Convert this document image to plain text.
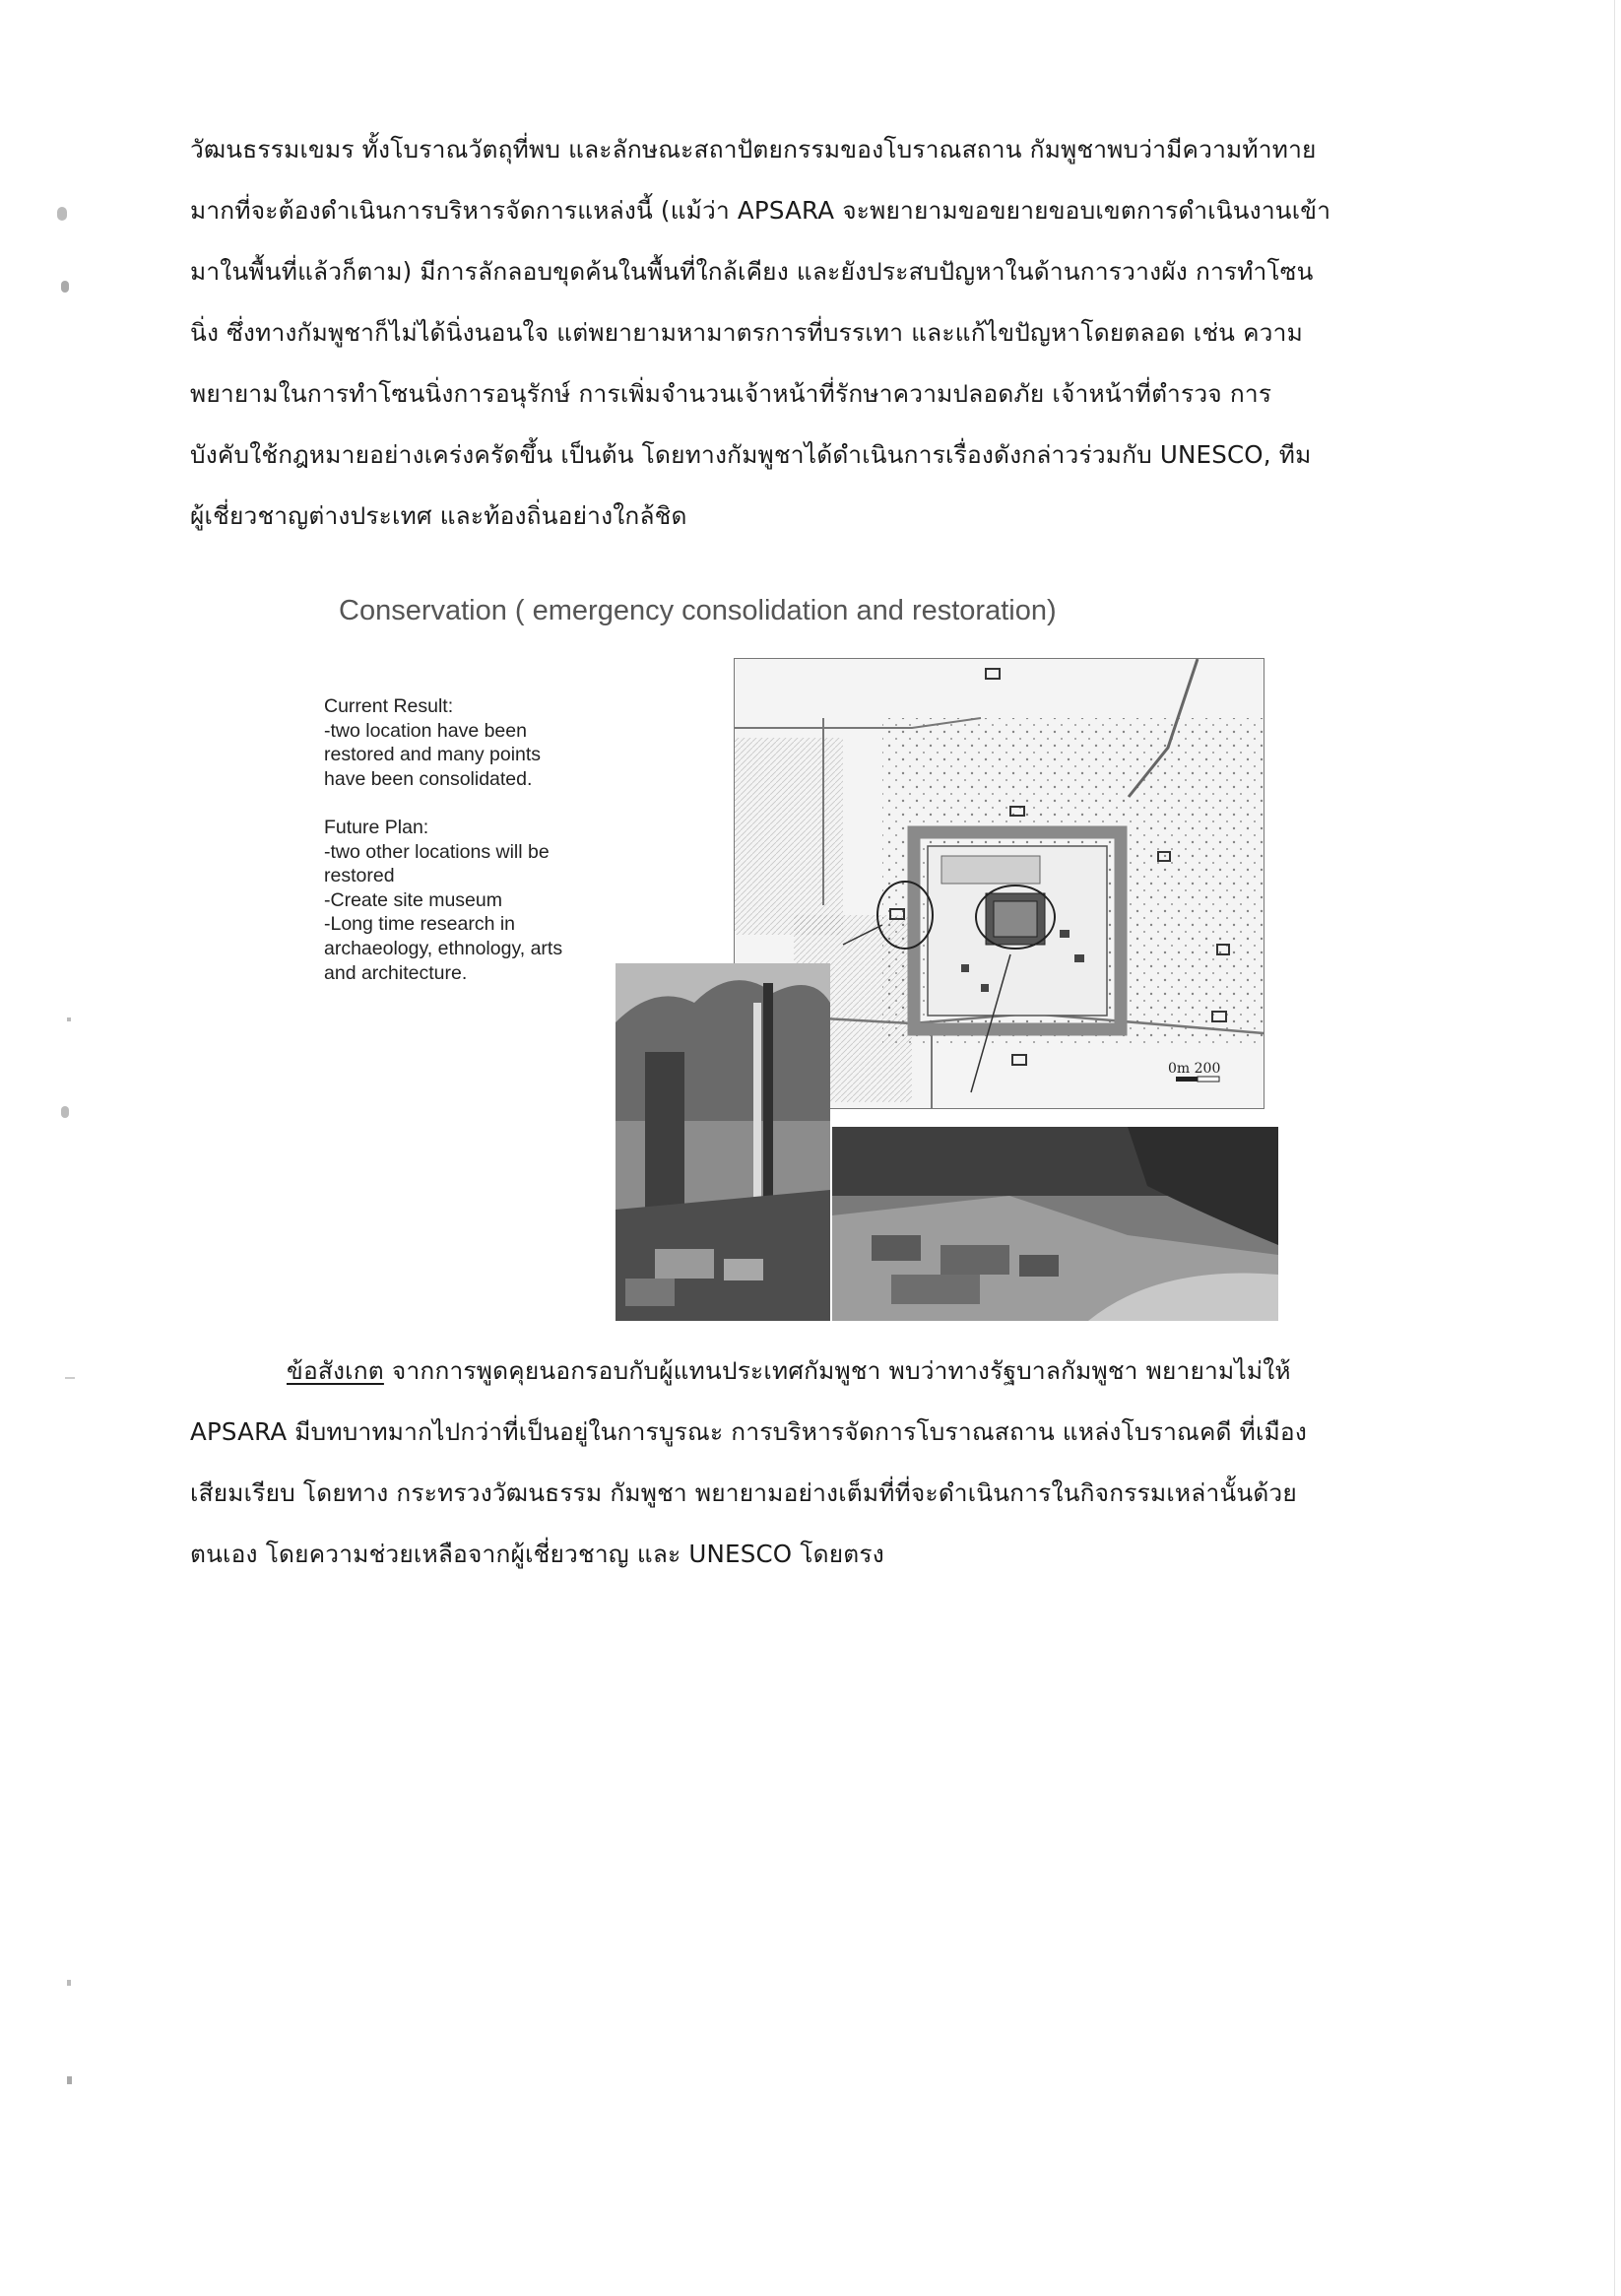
วัฒนธรรมเขมร ทั้งโบราณวัตถุที่พบ และลักษณะสถาปัตยกรรมของโบราณสถาน กัมพูชาพบว่ามีความท้าทาย
มากที่จะต้องดำเนินการบริหารจัดการแหล่งนี้ (แม้ว่า APSARA จะพยายามขอขยายขอบเขตการดำเนินงานเข้า
มาในพื้นที่แล้วก็ตาม) มีการลักลอบขุดค้นในพื้นที่ใกล้เคียง และยังประสบปัญหาในด้านการวางผัง การทำโซน
นิ่ง ซึ่งทางกัมพูชาก็ไม่ได้นิ่งนอนใจ แต่พยายามหามาตรการที่บรรเทา และแก้ไขปัญหาโดยตลอด เช่น ความ
พยายามในการทำโซนนิ่งการอนุรักษ์ การเพิ่มจำนวนเจ้าหน้าที่รักษาความปลอดภัย เจ้าหน้าที่ตำรวจ การ
บังคับใช้กฎหมายอย่างเคร่งครัดขึ้น เป็นต้น โดยทางกัมพูชาได้ดำเนินการเรื่องดังกล่าวร่วมกับ UNESCO, ทีม
ผู้เชี่ยวชาญต่างประเทศ และท้องถิ่นอย่างใกล้ชิด
Conservation ( emergency consolidation and restoration)
Current Result:
-two location have been
restored and many points
have been consolidated.
Future Plan:
-two other locations will be
restored
-Create site museum
-Long time research in
archaeology, ethnology, arts
and architecture.
0m 200
ข้อสังเกต จากการพูดคุยนอกรอบกับผู้แทนประเทศกัมพูชา พบว่าทางรัฐบาลกัมพูชา พยายามไม่ให้
APSARA มีบทบาทมากไปกว่าที่เป็นอยู่ในการบูรณะ การบริหารจัดการโบราณสถาน แหล่งโบราณคดี ที่เมือง
เสียมเรียบ โดยทาง กระทรวงวัฒนธรรม กัมพูชา พยายามอย่างเต็มที่ที่จะดำเนินการในกิจกรรมเหล่านั้นด้วย
ตนเอง โดยความช่วยเหลือจากผู้เชี่ยวชาญ และ UNESCO โดยตรง
